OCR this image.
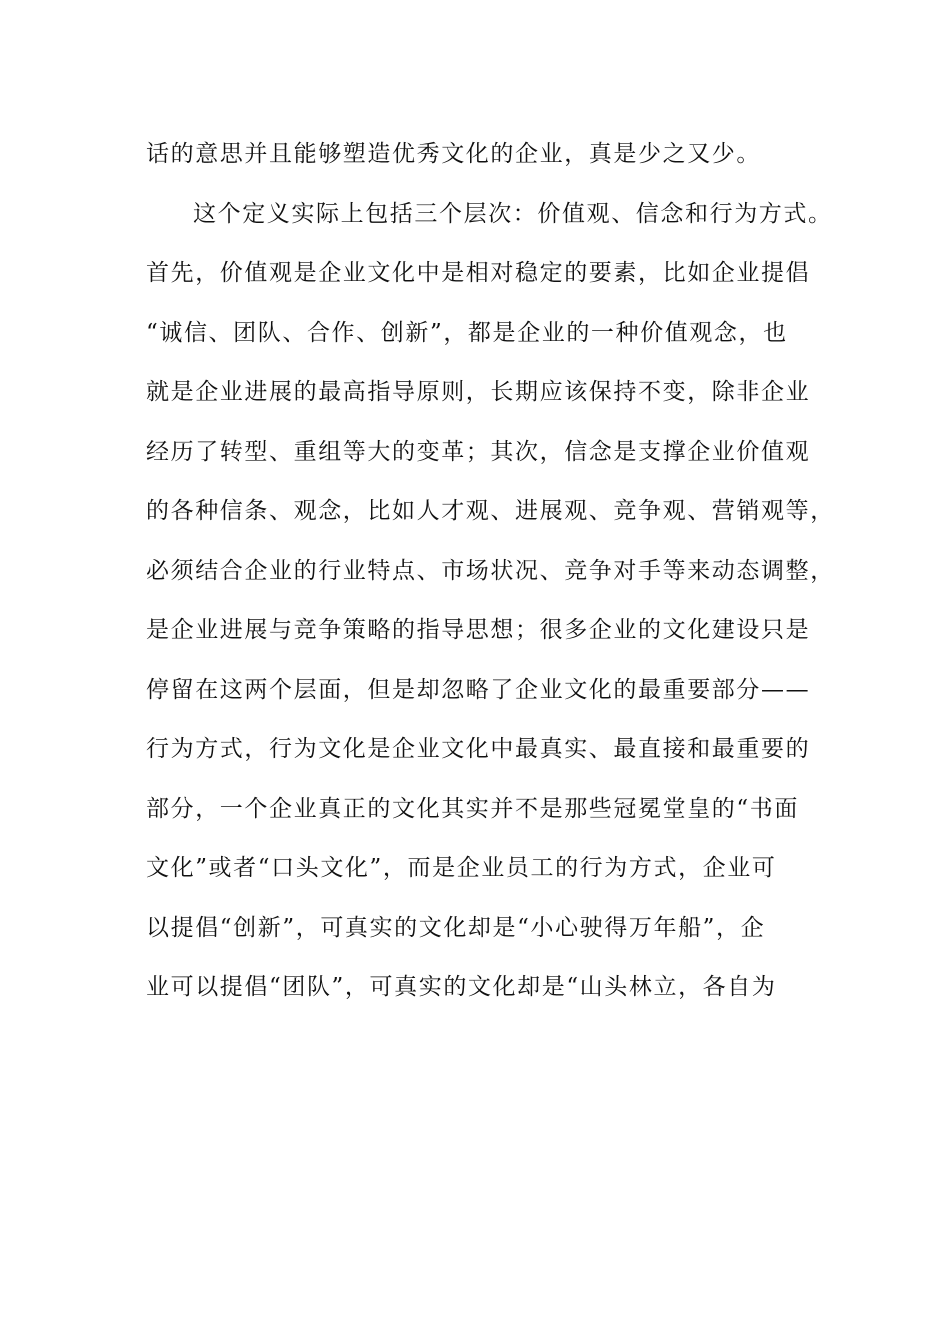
话的意思并且能够塑造优秀文化的企业，真是少之又少。
这个定义实际上包括三个层次：价值观、信念和行为方式。
首先，价值观是企业文化中是相对稳定的要素，比如企业提倡
“诚信、团队、合作、创新”，都是企业的一种价值观念，也
就是企业进展的最高指导原则，长期应该保持不变，除非企业
经历了转型、重组等大的变革；其次，信念是支撑企业价值观
的各种信条、观念，比如人才观、进展观、竞争观、营销观等，
必须结合企业的行业特点、市场状况、竞争对手等来动态调整，
是企业进展与竞争策略的指导思想；很多企业的文化建设只是
停留在这两个层面，但是却忽略了企业文化的最重要部分——
行为方式，行为文化是企业文化中最真实、最直接和最重要的
部分，一个企业真正的文化其实并不是那些冠冕堂皇的“书面
文化”或者“口头文化”，而是企业员工的行为方式，企业可
以提倡“创新”，可真实的文化却是“小心驶得万年船”，企
业可以提倡“团队”，可真实的文化却是“山头林立，各自为
